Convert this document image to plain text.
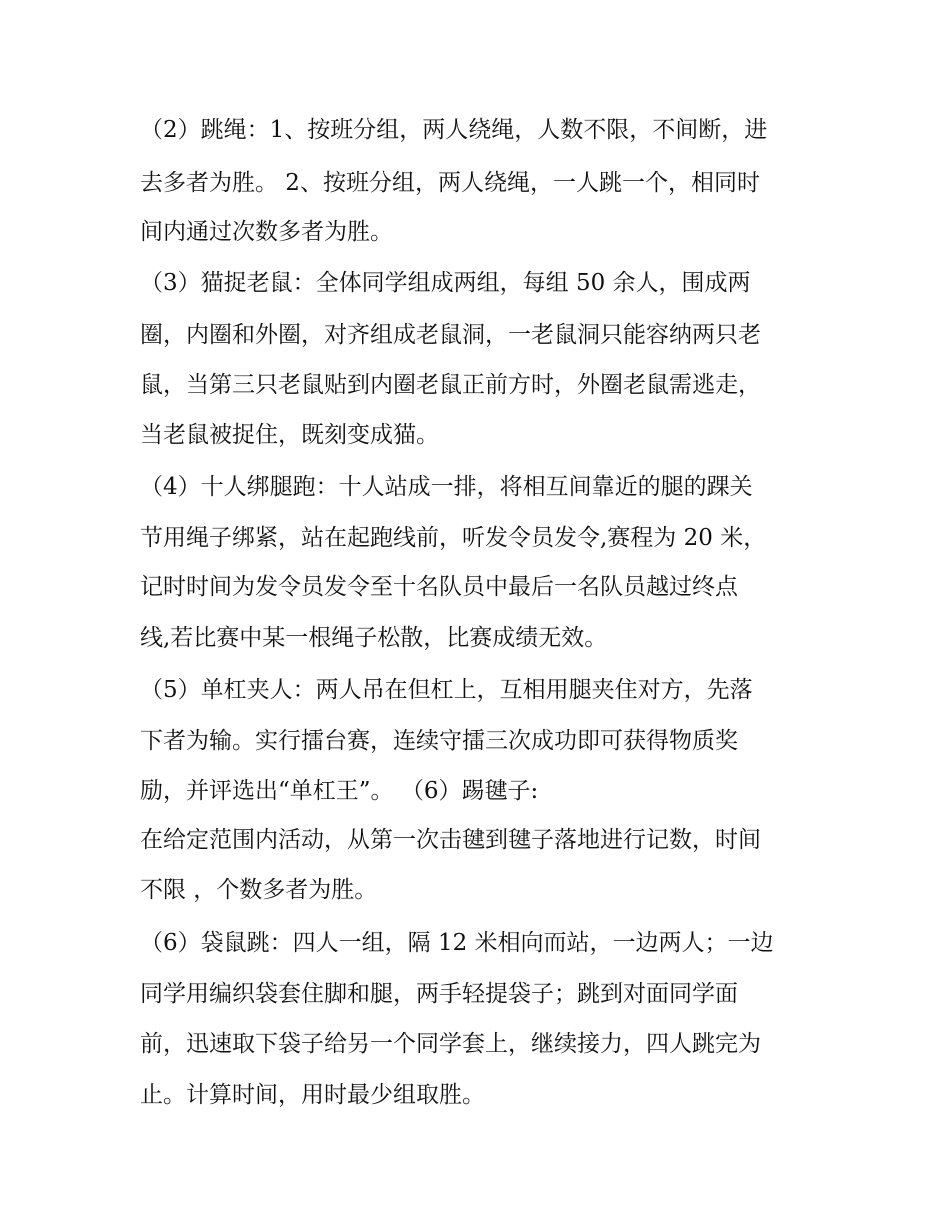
（2）跳绳：1、按班分组，两人绕绳，人数不限，不间断，进
去多者为胜。 2、按班分组，两人绕绳，一人跳一个，相同时
间内通过次数多者为胜。
（3）猫捉老鼠：全体同学组成两组，每组 50 余人，围成两
圈，内圈和外圈，对齐组成老鼠洞，一老鼠洞只能容纳两只老
鼠，当第三只老鼠贴到内圈老鼠正前方时，外圈老鼠需逃走，
当老鼠被捉住，既刻变成猫。
（4）十人绑腿跑：十人站成一排，将相互间靠近的腿的踝关
节用绳子绑紧，站在起跑线前，听发令员发令,赛程为 20 米，
记时时间为发令员发令至十名队员中最后一名队员越过终点
线,若比赛中某一根绳子松散，比赛成绩无效。
（5）单杠夹人：两人吊在但杠上，互相用腿夹住对方，先落
下者为输。实行擂台赛，连续守擂三次成功即可获得物质奖
励，并评选出“单杠王”。 （6）踢毽子:
在给定范围内活动，从第一次击毽到毽子落地进行记数，时间
不限 ，个数多者为胜。
（6）袋鼠跳：四人一组，隔 12 米相向而站，一边两人；一边
同学用编织袋套住脚和腿，两手轻提袋子；跳到对面同学面
前，迅速取下袋子给另一个同学套上，继续接力，四人跳完为
止。计算时间，用时最少组取胜。
